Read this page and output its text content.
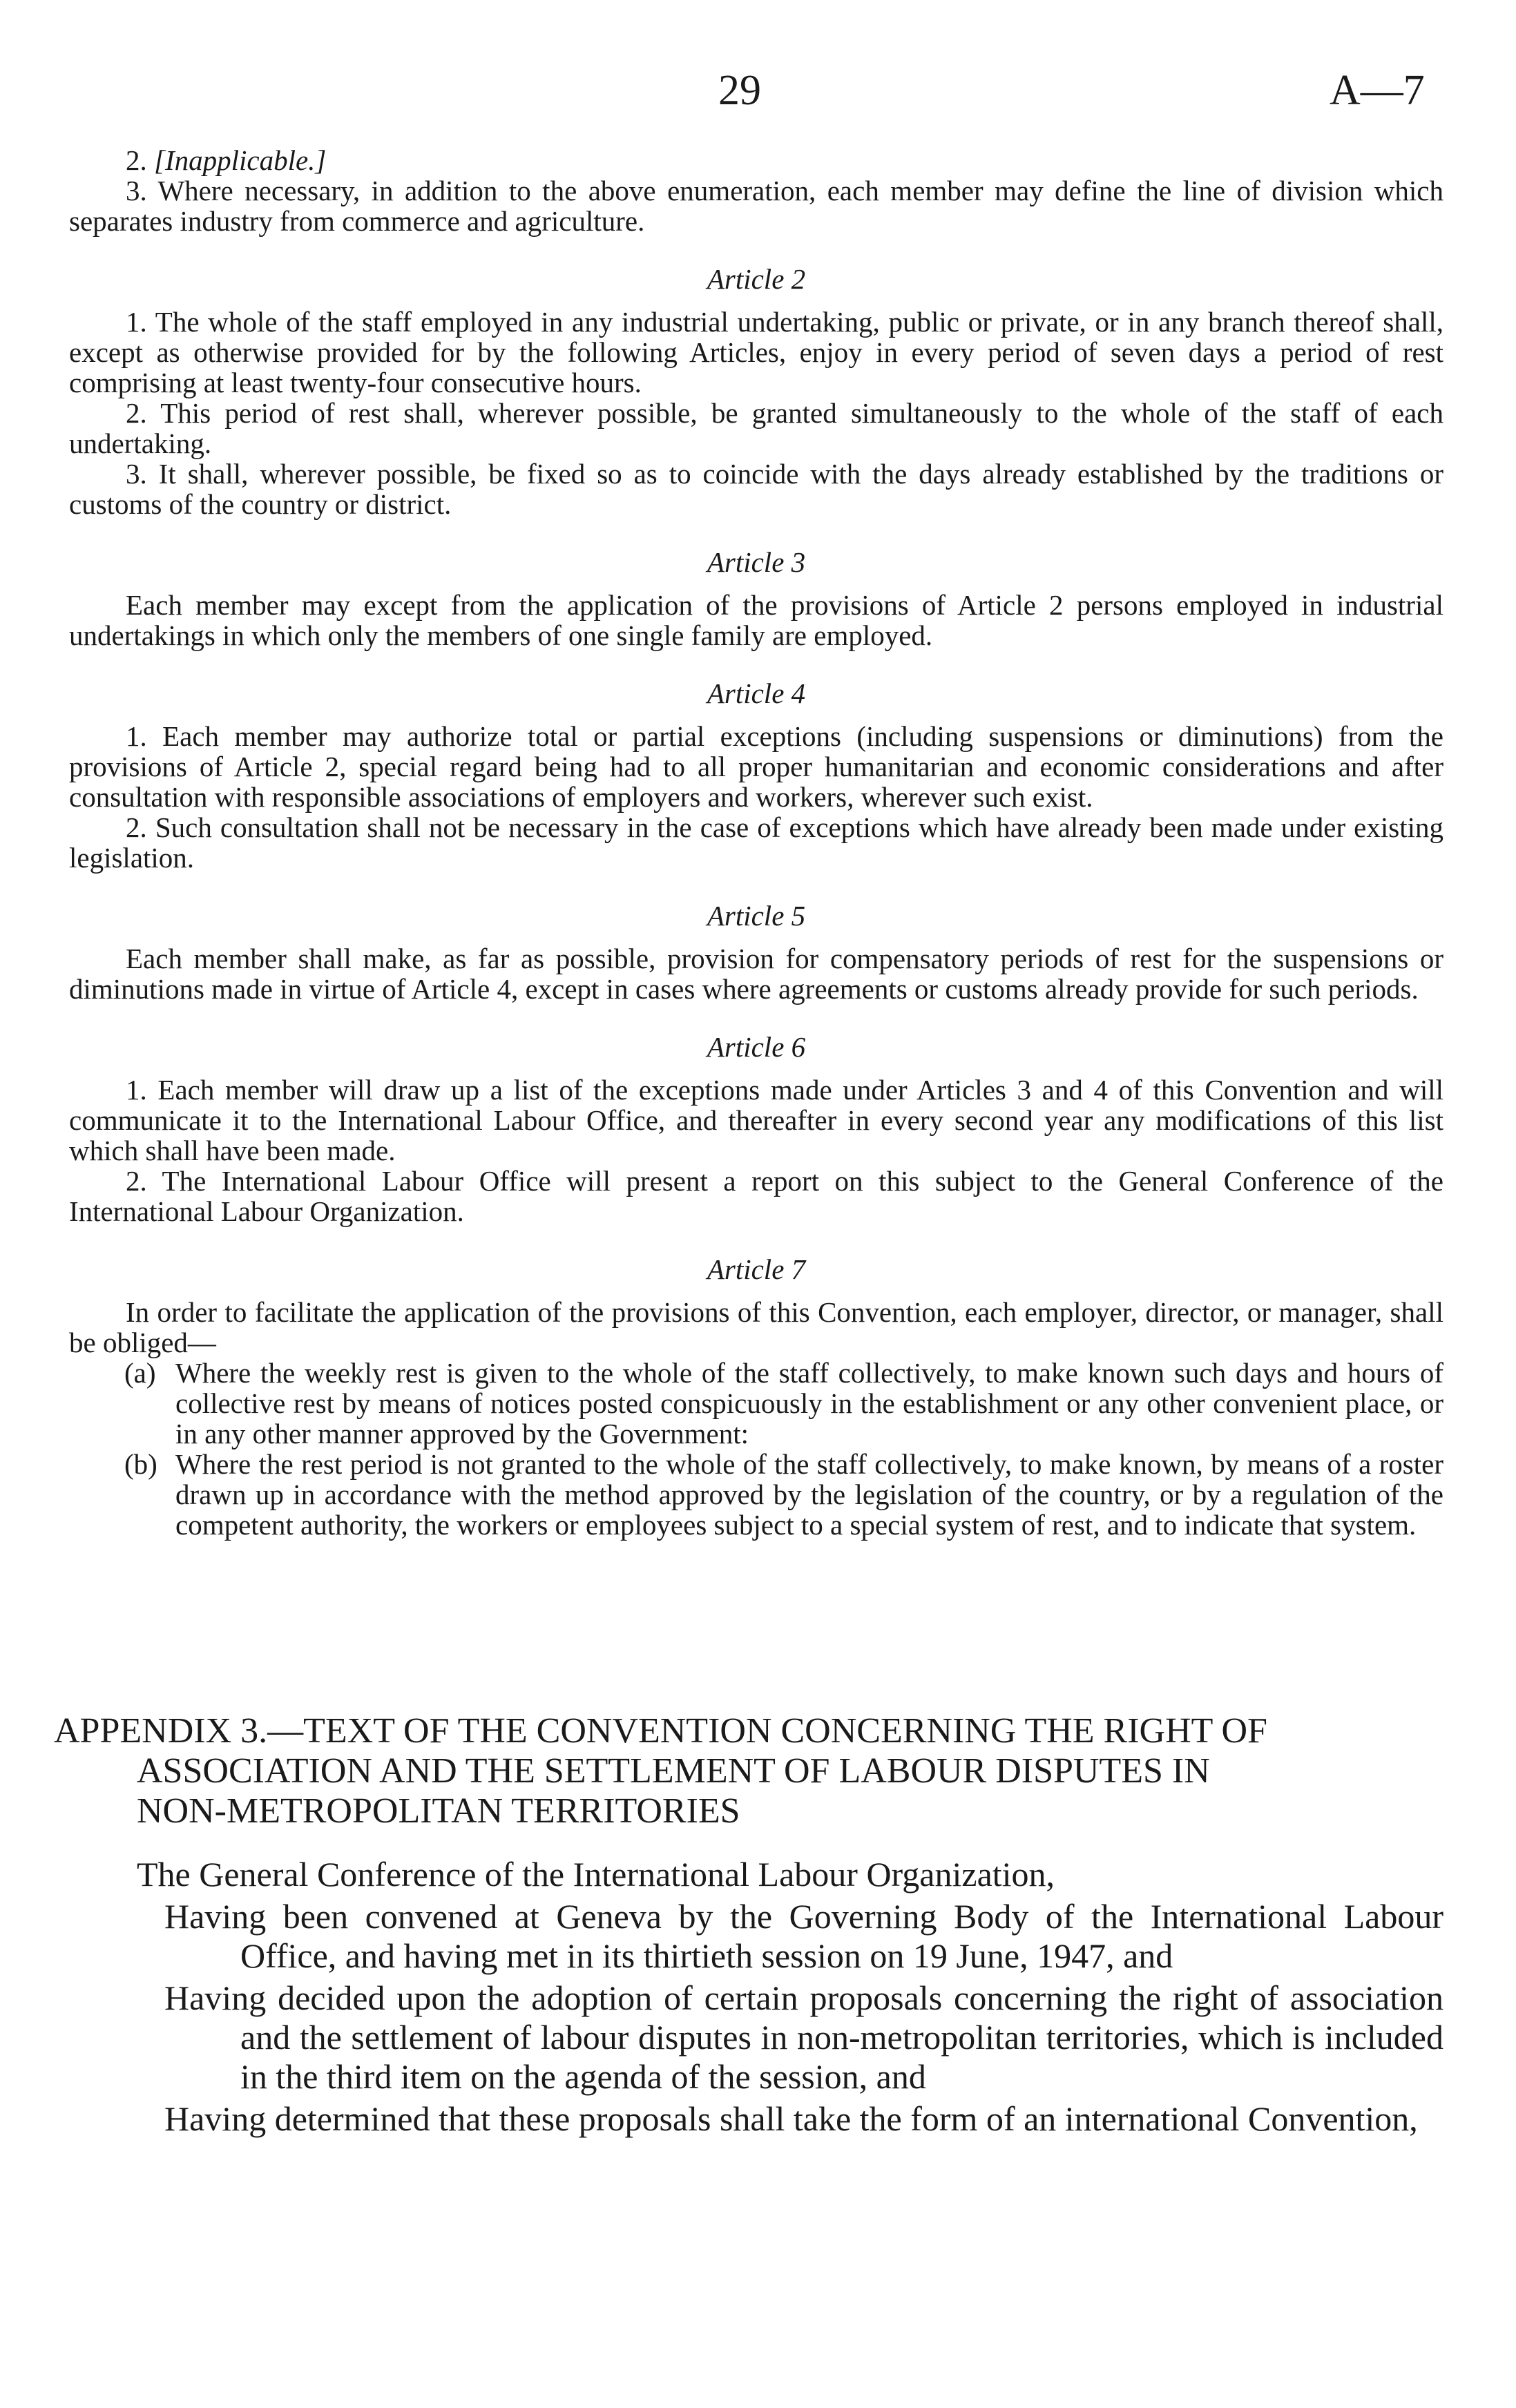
29	A—7

2. [Inapplicable.]

3. Where necessary, in addition to the above enumeration, each member may define the line of division which separates industry from commerce and agriculture.

Article 2

1. The whole of the staff employed in any industrial undertaking, public or private, or in any branch thereof shall, except as otherwise provided for by the following Articles, enjoy in every period of seven days a period of rest comprising at least twenty-four consecutive hours.

2. This period of rest shall, wherever possible, be granted simultaneously to the whole of the staff of each undertaking.

3. It shall, wherever possible, be fixed so as to coincide with the days already established by the traditions or customs of the country or district.

Article 3

Each member may except from the application of the provisions of Article 2 persons employed in industrial undertakings in which only the members of one single family are employed.

Article 4

1. Each member may authorize total or partial exceptions (including suspensions or diminutions) from the provisions of Article 2, special regard being had to all proper humanitarian and economic considerations and after consultation with responsible associations of employers and workers, wherever such exist.

2. Such consultation shall not be necessary in the case of exceptions which have already been made under existing legislation.

Article 5

Each member shall make, as far as possible, provision for compensatory periods of rest for the suspensions or diminutions made in virtue of Article 4, except in cases where agreements or customs already provide for such periods.

Article 6

1. Each member will draw up a list of the exceptions made under Articles 3 and 4 of this Convention and will communicate it to the International Labour Office, and thereafter in every second year any modifications of this list which shall have been made.

2. The International Labour Office will present a report on this subject to the General Conference of the International Labour Organization.

Article 7

In order to facilitate the application of the provisions of this Convention, each employer, director, or manager, shall be obliged—

(a) Where the weekly rest is given to the whole of the staff collectively, to make known such days and hours of collective rest by means of notices posted conspicuously in the establishment or any other convenient place, or in any other manner approved by the Government:
(b) Where the rest period is not granted to the whole of the staff collectively, to make known, by means of a roster drawn up in accordance with the method approved by the legislation of the country, or by a regulation of the competent authority, the workers or employees subject to a special system of rest, and to indicate that system.
APPENDIX 3.—TEXT OF THE CONVENTION CONCERNING THE RIGHT OF
ASSOCIATION AND THE SETTLEMENT OF LABOUR DISPUTES IN
NON-METROPOLITAN TERRITORIES

The General Conference of the International Labour Organization,

Having been convened at Geneva by the Governing Body of the International Labour Office, and having met in its thirtieth session on 19 June, 1947, and

Having decided upon the adoption of certain proposals concerning the right of association and the settlement of labour disputes in non-metropolitan territories, which is included in the third item on the agenda of the session, and

Having determined that these proposals shall take the form of an international Convention,
